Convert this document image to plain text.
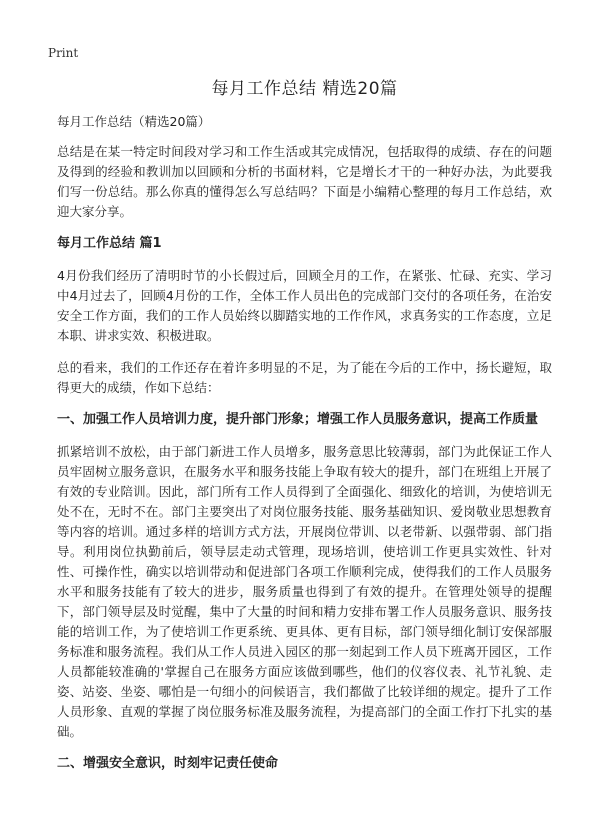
Print
每月工作总结 精选20篇

每月工作总结（精选20篇）

总结是在某一特定时间段对学习和工作生活或其完成情况，包括取得的成绩、存在的问题及得到的经验和教训加以回顾和分析的书面材料，它是增长才干的一种好办法，为此要我们写一份总结。那么你真的懂得怎么写总结吗？下面是小编精心整理的每月工作总结，欢迎大家分享。

每月工作总结 篇1

4月份我们经历了清明时节的小长假过后，回顾全月的工作，在紧张、忙碌、充实、学习中4月过去了，回顾4月份的工作，全体工作人员出色的完成部门交付的各项任务，在治安安全工作方面，我们的工作人员始终以脚踏实地的工作作风，求真务实的工作态度，立足本职、讲求实效、积极进取。

总的看来，我们的工作还存在着许多明显的不足，为了能在今后的工作中，扬长避短，取得更大的成绩，作如下总结：

一、加强工作人员培训力度，提升部门形象；增强工作人员服务意识，提高工作质量

抓紧培训不放松，由于部门新进工作人员增多，服务意思比较薄弱，部门为此保证工作人员牢固树立服务意识，在服务水平和服务技能上争取有较大的提升，部门在班组上开展了有效的专业陪训。因此，部门所有工作人员得到了全面强化、细致化的培训，为使培训无处不在，无时不在。部门主要突出了对岗位服务技能、服务基础知识、爱岗敬业思想教育等内容的培训。通过多样的培训方式方法，开展岗位带训、以老带新、以强带弱、部门指导。利用岗位执勤前后，领导层走动式管理，现场培训，使培训工作更具实效性、针对性、可操作性，确实以培训带动和促进部门各项工作顺利完成，使得我们的工作人员服务水平和服务技能有了较大的进步，服务质量也得到了有效的提升。在管理处领导的提醒下，部门领导层及时觉醒，集中了大量的时间和精力安排布署工作人员服务意识、服务技能的培训工作，为了使培训工作更系统、更具体、更有目标，部门领导细化制订安保部服务标准和服务流程。我们从工作人员进入园区的那一刻起到工作人员下班离开园区，工作人员都能较准确的'掌握自己在服务方面应该做到哪些，他们的仪容仪表、礼节礼貌、走姿、站姿、坐姿、哪怕是一句细小的问候语言，我们都做了比较详细的规定。提升了工作人员形象、直观的掌握了岗位服务标准及服务流程，为提高部门的全面工作打下扎实的基础。

二、增强安全意识，时刻牢记责任使命
